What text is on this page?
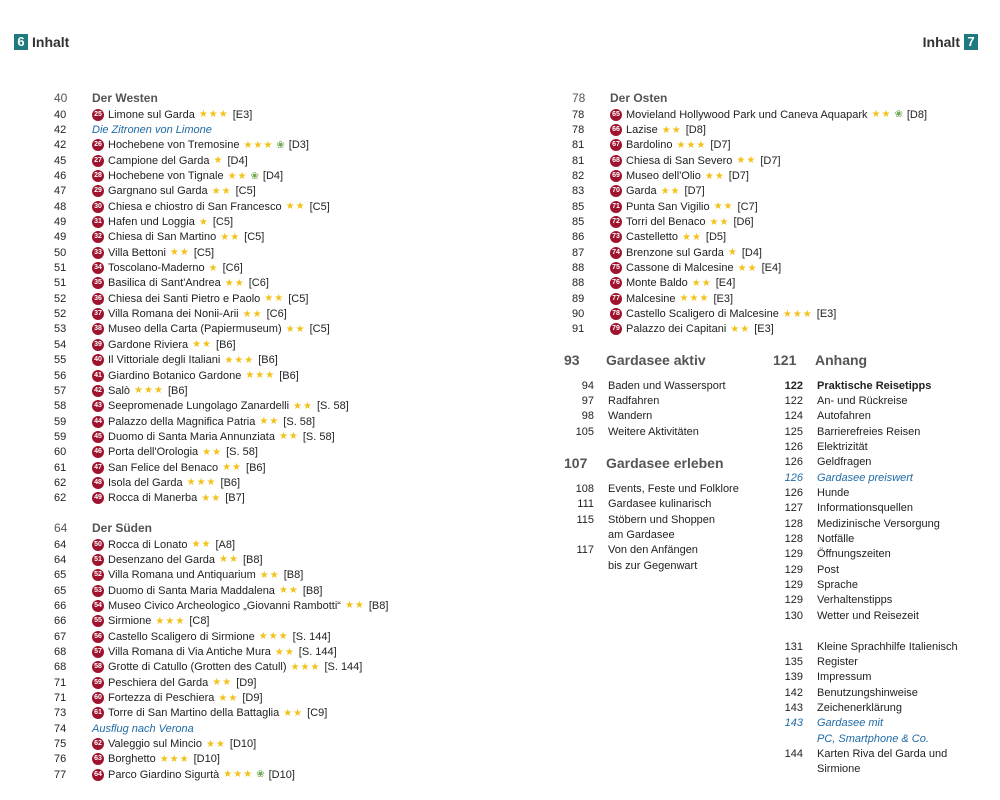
6 Inhalt	Inhalt 7
40	Der Westen
40	25 Limone sul Garda ★★★ [E3]
42	Die Zitronen von Limone
42	26 Hochebene von Tremosine ★★★ ❀ [D3]
45	27 Campione del Garda ★ [D4]
46	28 Hochebene von Tignale ★★ ❀ [D4]
47	29 Gargnano sul Garda ★★ [C5]
48	30 Chiesa e chiostro di San Francesco ★★ [C5]
49	31 Hafen und Loggia ★ [C5]
49	32 Chiesa di San Martino ★★ [C5]
50	33 Villa Bettoni ★★ [C5]
51	34 Toscolano-Maderno ★ [C6]
51	35 Basilica di Sant'Andrea ★★ [C6]
52	36 Chiesa dei Santi Pietro e Paolo ★★ [C5]
52	37 Villa Romana dei Nonii-Arii ★★ [C6]
53	38 Museo della Carta (Papiermuseum) ★★ [C5]
54	39 Gardone Riviera ★★ [B6]
55	40 Il Vittoriale degli Italiani ★★★ [B6]
56	41 Giardino Botanico Gardone ★★★ [B6]
57	42 Salò ★★★ [B6]
58	43 Seepromenade Lungolago Zanardelli ★★ [S. 58]
59	44 Palazzo della Magnifica Patria ★★ [S. 58]
59	45 Duomo di Santa Maria Annunziata ★★ [S. 58]
60	46 Porta dell'Orologia ★★ [S. 58]
61	47 San Felice del Benaco ★★ [B6]
62	48 Isola del Garda ★★★ [B6]
62	49 Rocca di Manerba ★★ [B7]
64	Der Süden
64	50 Rocca di Lonato ★★ [A8]
64	51 Desenzano del Garda ★★ [B8]
65	52 Villa Romana und Antiquarium ★★ [B8]
65	53 Duomo di Santa Maria Maddalena ★★ [B8]
66	54 Museo Civico Archeologico „Giovanni Rambotti“ ★★ [B8]
66	55 Sirmione ★★★ [C8]
67	56 Castello Scaligero di Sirmione ★★★ [S. 144]
68	57 Villa Romana di Via Antiche Mura ★★ [S. 144]
68	58 Grotte di Catullo (Grotten des Catull) ★★★ [S. 144]
71	59 Peschiera del Garda ★★ [D9]
71	60 Fortezza di Peschiera ★★ [D9]
73	61 Torre di San Martino della Battaglia ★★ [C9]
74	Ausflug nach Verona
75	62 Valeggio sul Mincio ★★ [D10]
76	63 Borghetto ★★★ [D10]
77	64 Parco Giardino Sigurtà ★★★ ❀ [D10]
78	Der Osten
78	65 Movieland Hollywood Park und Caneva Aquapark ★★ ❀ [D8]
78	66 Lazise ★★ [D8]
81	67 Bardolino ★★★ [D7]
81	68 Chiesa di San Severo ★★ [D7]
82	69 Museo dell'Olio ★★ [D7]
83	70 Garda ★★ [D7]
85	71 Punta San Vigilio ★★ [C7]
85	72 Torri del Benaco ★★ [D6]
86	73 Castelletto ★★ [D5]
87	74 Brenzone sul Garda ★ [D4]
88	75 Cassone di Malcesine ★★ [E4]
88	76 Monte Baldo ★★ [E4]
89	77 Malcesine ★★★ [E3]
90	78 Castello Scaligero di Malcesine ★★★ [E3]
91	79 Palazzo dei Capitani ★★ [E3]
93	Gardasee aktiv
94 Baden und Wassersport
97 Radfahren
98 Wandern
105 Weitere Aktivitäten
107	Gardasee erleben
108 Events, Feste und Folklore
111 Gardasee kulinarisch
115 Stöbern und Shoppen
am Gardasee
117 Von den Anfängen
bis zur Gegenwart
121	Anhang
122 Praktische Reisetipps
122 An- und Rückreise
124 Autofahren
125 Barrierefreies Reisen
126 Elektrizität
126 Geldfragen
126 Gardasee preiswert
126 Hunde
127 Informationsquellen
128 Medizinische Versorgung
128 Notfälle
129 Öffnungszeiten
129 Post
129 Sprache
129 Verhaltenstipps
130 Wetter und Reisezeit
131 Kleine Sprachhilfe Italienisch
135 Register
139 Impressum
142 Benutzungshinweise
143 Zeichenerklärung
143 Gardasee mit
PC, Smartphone & Co.
144 Karten Riva del Garda und
Sirmione
